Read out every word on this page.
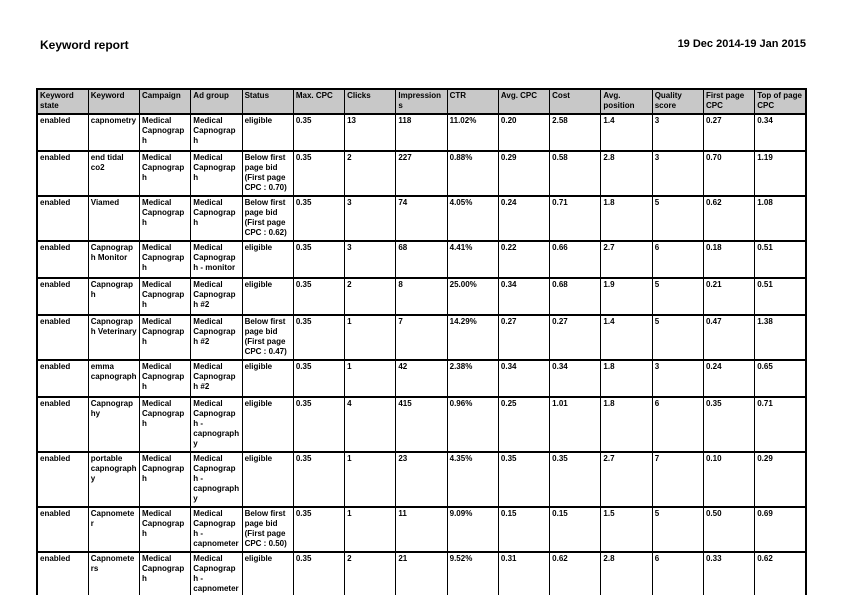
Keyword report	19 Dec 2014-19 Jan 2015
Keyword state	Keyword	Campaign	Ad group	Status	Max. CPC	Clicks	Impressions	CTR	Avg. CPC	Cost	Avg. position	Quality score	First page CPC	Top of page CPC
enabled	capnometry	Medical Capnograph	Medical Capnograph	eligible	0.35	13	118	11.02%	0.20	2.58	1.4	3	0.27	0.34
enabled	end tidal co2	Medical Capnograph	Medical Capnograph	Below first page bid (First page CPC : 0.70)	0.35	2	227	0.88%	0.29	0.58	2.8	3	0.70	1.19
enabled	Viamed	Medical Capnograph	Medical Capnograph	Below first page bid (First page CPC : 0.62)	0.35	3	74	4.05%	0.24	0.71	1.8	5	0.62	1.08
enabled	Capnograph Monitor	Medical Capnograph	Medical Capnograph - monitor	eligible	0.35	3	68	4.41%	0.22	0.66	2.7	6	0.18	0.51
enabled	Capnograph	Medical Capnograph	Medical Capnograph #2	eligible	0.35	2	8	25.00%	0.34	0.68	1.9	5	0.21	0.51
enabled	Capnograph Veterinary	Medical Capnograph	Medical Capnograph #2	Below first page bid (First page CPC : 0.47)	0.35	1	7	14.29%	0.27	0.27	1.4	5	0.47	1.38
enabled	emma capnograph	Medical Capnograph	Medical Capnograph #2	eligible	0.35	1	42	2.38%	0.34	0.34	1.8	3	0.24	0.65
enabled	Capnography	Medical Capnograph	Medical Capnograph - capnography	eligible	0.35	4	415	0.96%	0.25	1.01	1.8	6	0.35	0.71
enabled	portable capnography	Medical Capnograph	Medical Capnograph - capnography	eligible	0.35	1	23	4.35%	0.35	0.35	2.7	7	0.10	0.29
enabled	Capnometer	Medical Capnograph	Medical Capnograph - capnometer	Below first page bid (First page CPC : 0.50)	0.35	1	11	9.09%	0.15	0.15	1.5	5	0.50	0.69
enabled	Capnometers	Medical Capnograph	Medical Capnograph - capnometer	eligible	0.35	2	21	9.52%	0.31	0.62	2.8	6	0.33	0.62
